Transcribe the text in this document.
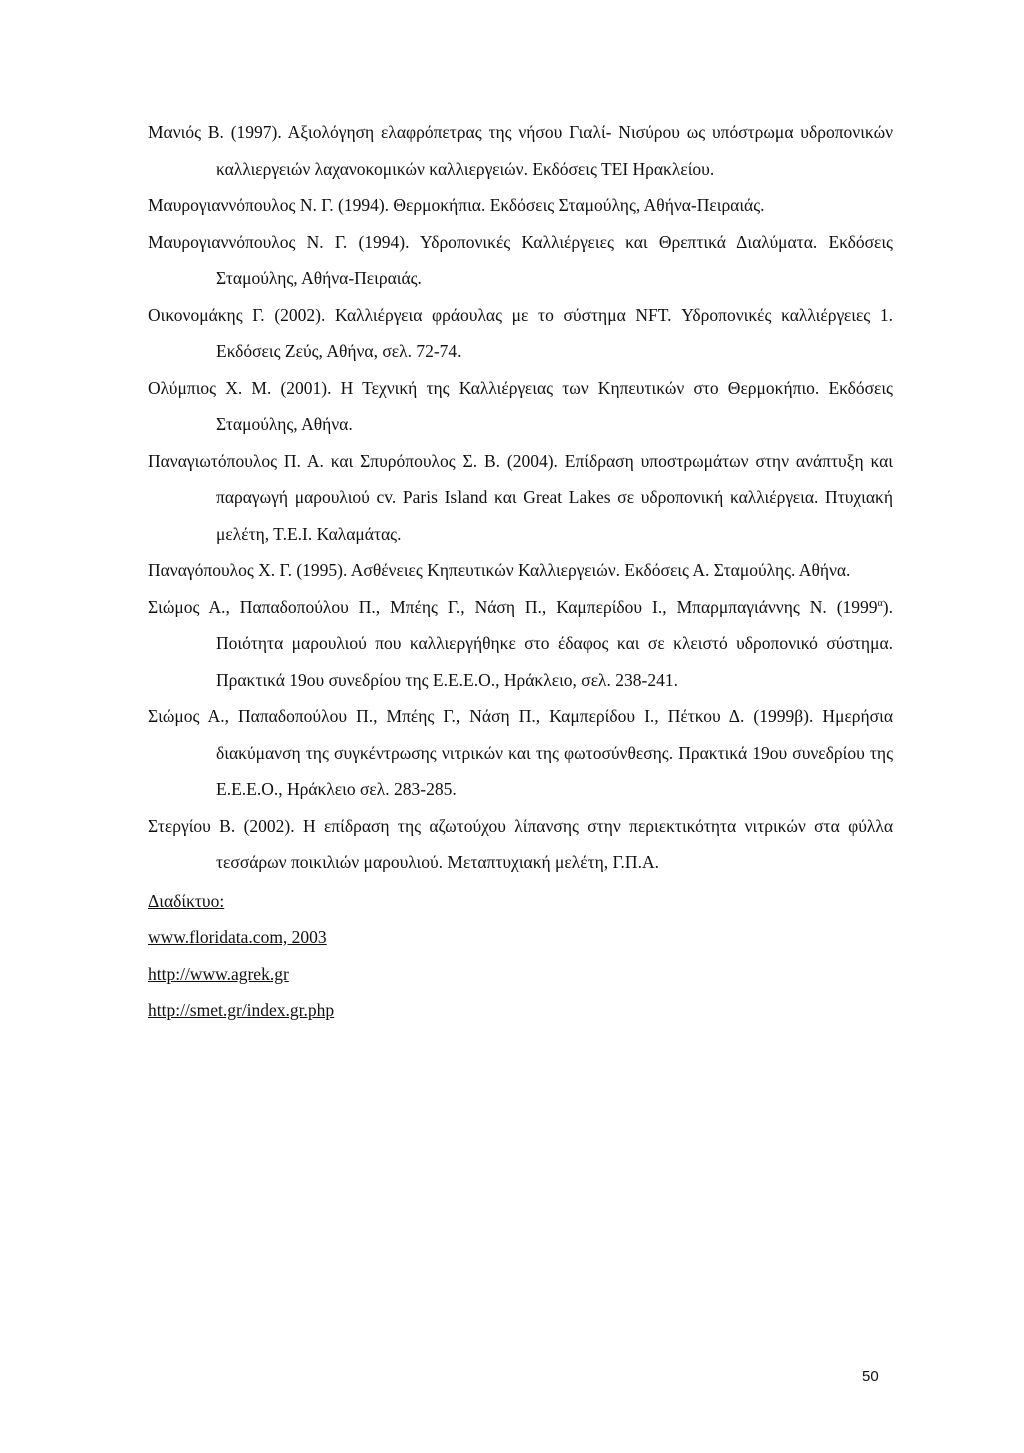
Μανιός Β. (1997). Αξιολόγηση ελαφρόπετρας της νήσου Γιαλί- Νισύρου ως υπόστρωμα υδροπονικών καλλιεργειών λαχανοκομικών καλλιεργειών. Εκδόσεις ΤΕΙ Ηρακλείου.

Μαυρογιαννόπουλος Ν. Γ. (1994). Θερμοκήπια. Εκδόσεις Σταμούλης, Αθήνα-Πειραιάς.

Μαυρογιαννόπουλος Ν. Γ. (1994). Υδροπονικές Καλλιέργειες και Θρεπτικά Διαλύματα. Εκδόσεις Σταμούλης, Αθήνα-Πειραιάς.

Οικονομάκης Γ. (2002). Καλλιέργεια φράουλας με το σύστημα NFT. Υδροπονικές καλλιέργειες 1. Εκδόσεις Ζεύς, Αθήνα, σελ. 72-74.

Ολύμπιος Χ. Μ. (2001). Η Τεχνική της Καλλιέργειας των Κηπευτικών στο Θερμοκήπιο. Εκδόσεις Σταμούλης, Αθήνα.

Παναγιωτόπουλος Π. Α. και Σπυρόπουλος Σ. Β. (2004). Επίδραση υποστρωμάτων στην ανάπτυξη και παραγωγή μαρουλιού cv. Paris Island και Great Lakes σε υδροπονική καλλιέργεια. Πτυχιακή μελέτη, Τ.Ε.Ι. Καλαμάτας.

Παναγόπουλος Χ. Γ. (1995). Ασθένειες Κηπευτικών Καλλιεργειών. Εκδόσεις Α. Σταμούλης. Αθήνα.

Σιώμος Α., Παπαδοπούλου Π., Μπέης Γ., Νάση Π., Καμπερίδου Ι., Μπαρμπαγιάννης Ν. $(1999^\alpha)$. Ποιότητα μαρουλιού που καλλιεργήθηκε στο έδαφος και σε κλειστό υδροπονικό σύστημα. Πρακτικά 19ου συνεδρίου της Ε.Ε.Ε.Ο., Ηράκλειο, σελ. 238-241.

Σιώμος Α., Παπαδοπούλου Π., Μπέης Γ., Νάση Π., Καμπερίδου Ι., Πέτκου Δ. (1999β). Ημερήσια διακύμανση της συγκέντρωσης νιτρικών και της φωτοσύνθεσης. Πρακτικά 19ου συνεδρίου της Ε.Ε.Ε.Ο., Ηράκλειο σελ. 283-285.

Στεργίου Β. (2002). Η επίδραση της αζωτούχου λίπανσης στην περιεκτικότητα νιτρικών στα φύλλα τεσσάρων ποικιλιών μαρουλιού. Μεταπτυχιακή μελέτη, Γ.Π.Α.

Διαδίκτυο:
www.floridata.com, 2003
http://www.agrek.gr
http://smet.gr/index.gr.php
50
